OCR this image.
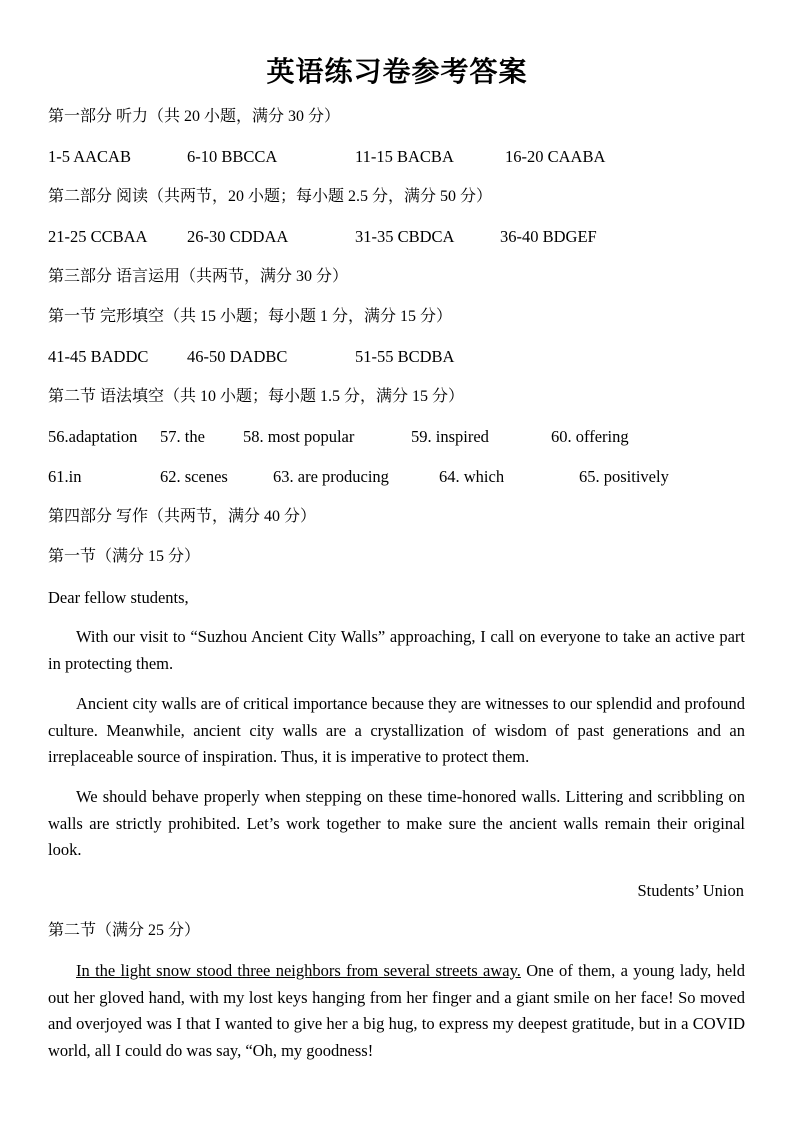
英语练习卷参考答案
第一部分 听力（共 20 小题，满分 30 分）
1-5 AACAB	6-10 BBCCA	11-15 BACBA	16-20 CAABA
第二部分 阅读（共两节，20 小题；每小题 2.5 分，满分 50 分）
21-25 CCBAA 26-30 CDDAA	31-35 CBDCA	36-40 BDGEF
第三部分 语言运用（共两节，满分 30 分）
第一节 完形填空（共 15 小题；每小题 1 分，满分 15 分）
41-45 BADDC 46-50 DADBC	51-55 BCDBA
第二节 语法填空（共 10 小题；每小题 1.5 分，满分 15 分）
56.adaptation 57. the 58. most popular	59. inspired	60. offering
61.in	62. scenes	63. are producing	64. which	65. positively
第四部分 写作（共两节，满分 40 分）
第一节（满分 15 分）
Dear fellow students,
With our visit to “Suzhou Ancient City Walls” approaching, I call on everyone to take an active part in protecting them.
Ancient city walls are of critical importance because they are witnesses to our splendid and profound culture. Meanwhile, ancient city walls are a crystallization of wisdom of past generations and an irreplaceable source of inspiration. Thus, it is imperative to protect them.
We should behave properly when stepping on these time-honored walls. Littering and scribbling on walls are strictly prohibited. Let’s work together to make sure the ancient walls remain their original look.
Students’ Union
第二节（满分 25 分）
In the light snow stood three neighbors from several streets away. One of them, a young lady, held out her gloved hand, with my lost keys hanging from her finger and a giant smile on her face! So moved and overjoyed was I that I wanted to give her a big hug, to express my deepest gratitude, but in a COVID world, all I could do was say, “Oh, my goodness!
